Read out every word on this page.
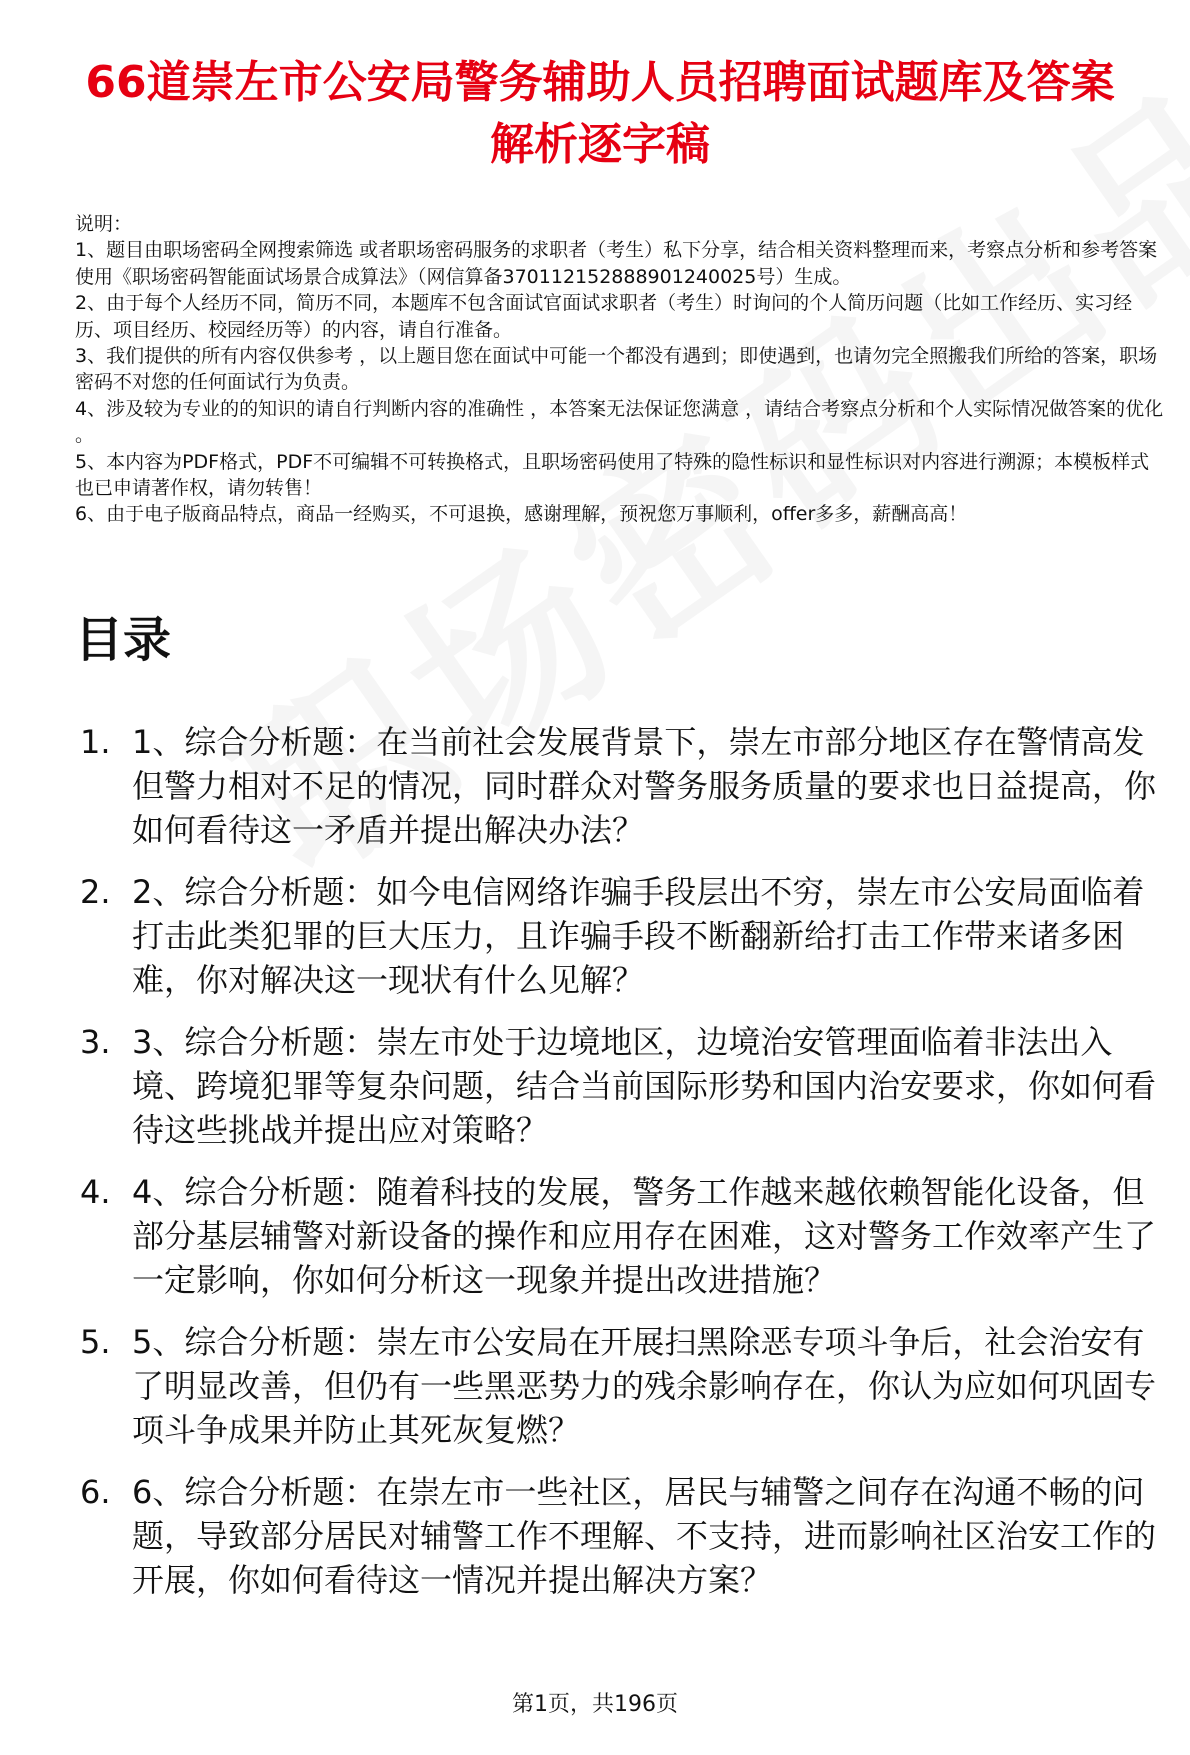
66道崇左市公安局警务辅助人员招聘面试题库及答案解析逐字稿

说明：

1、题目由职场密码全网搜索筛选 或者职场密码服务的求职者（考生）私下分享，结合相关资料整理而来，考察点分析和参考答案使用《职场密码智能面试场景合成算法》（网信算备370112152888901240025号）生成。

2、由于每个人经历不同，简历不同，本题库不包含面试官面试求职者（考生）时询问的个人简历问题（比如工作经历、实习经历、项目经历、校园经历等）的内容，请自行准备。

3、我们提供的所有内容仅供参考 ，以上题目您在面试中可能一个都没有遇到；即使遇到，也请勿完全照搬我们所给的答案，职场密码不对您的任何面试行为负责。

4、涉及较为专业的的知识的请自行判断内容的准确性 ，本答案无法保证您满意 ，请结合考察点分析和个人实际情况做答案的优化 。

5、本内容为PDF格式，PDF不可编辑不可转换格式，且职场密码使用了特殊的隐性标识和显性标识对内容进行溯源；本模板样式也已申请著作权，请勿转售！

6、由于电子版商品特点，商品一经购买，不可退换，感谢理解，预祝您万事顺利，offer多多，薪酬高高！

目录
1. 1、综合分析题：在当前社会发展背景下，崇左市部分地区存在警情高发但警力相对不足的情况，同时群众对警务服务质量的要求也日益提高，你如何看待这一矛盾并提出解决办法？
2. 2、综合分析题：如今电信网络诈骗手段层出不穷，崇左市公安局面临着打击此类犯罪的巨大压力，且诈骗手段不断翻新给打击工作带来诸多困难，你对解决这一现状有什么见解？
3. 3、综合分析题：崇左市处于边境地区，边境治安管理面临着非法出入境、跨境犯罪等复杂问题，结合当前国际形势和国内治安要求，你如何看待这些挑战并提出应对策略？
4. 4、综合分析题：随着科技的发展，警务工作越来越依赖智能化设备，但部分基层辅警对新设备的操作和应用存在困难，这对警务工作效率产生了一定影响，你如何分析这一现象并提出改进措施？
5. 5、综合分析题：崇左市公安局在开展扫黑除恶专项斗争后，社会治安有了明显改善，但仍有一些黑恶势力的残余影响存在，你认为应如何巩固专项斗争成果并防止其死灰复燃？
6. 6、综合分析题：在崇左市一些社区，居民与辅警之间存在沟通不畅的问题，导致部分居民对辅警工作不理解、不支持，进而影响社区治安工作的开展，你如何看待这一情况并提出解决方案？
第1页，共196页
